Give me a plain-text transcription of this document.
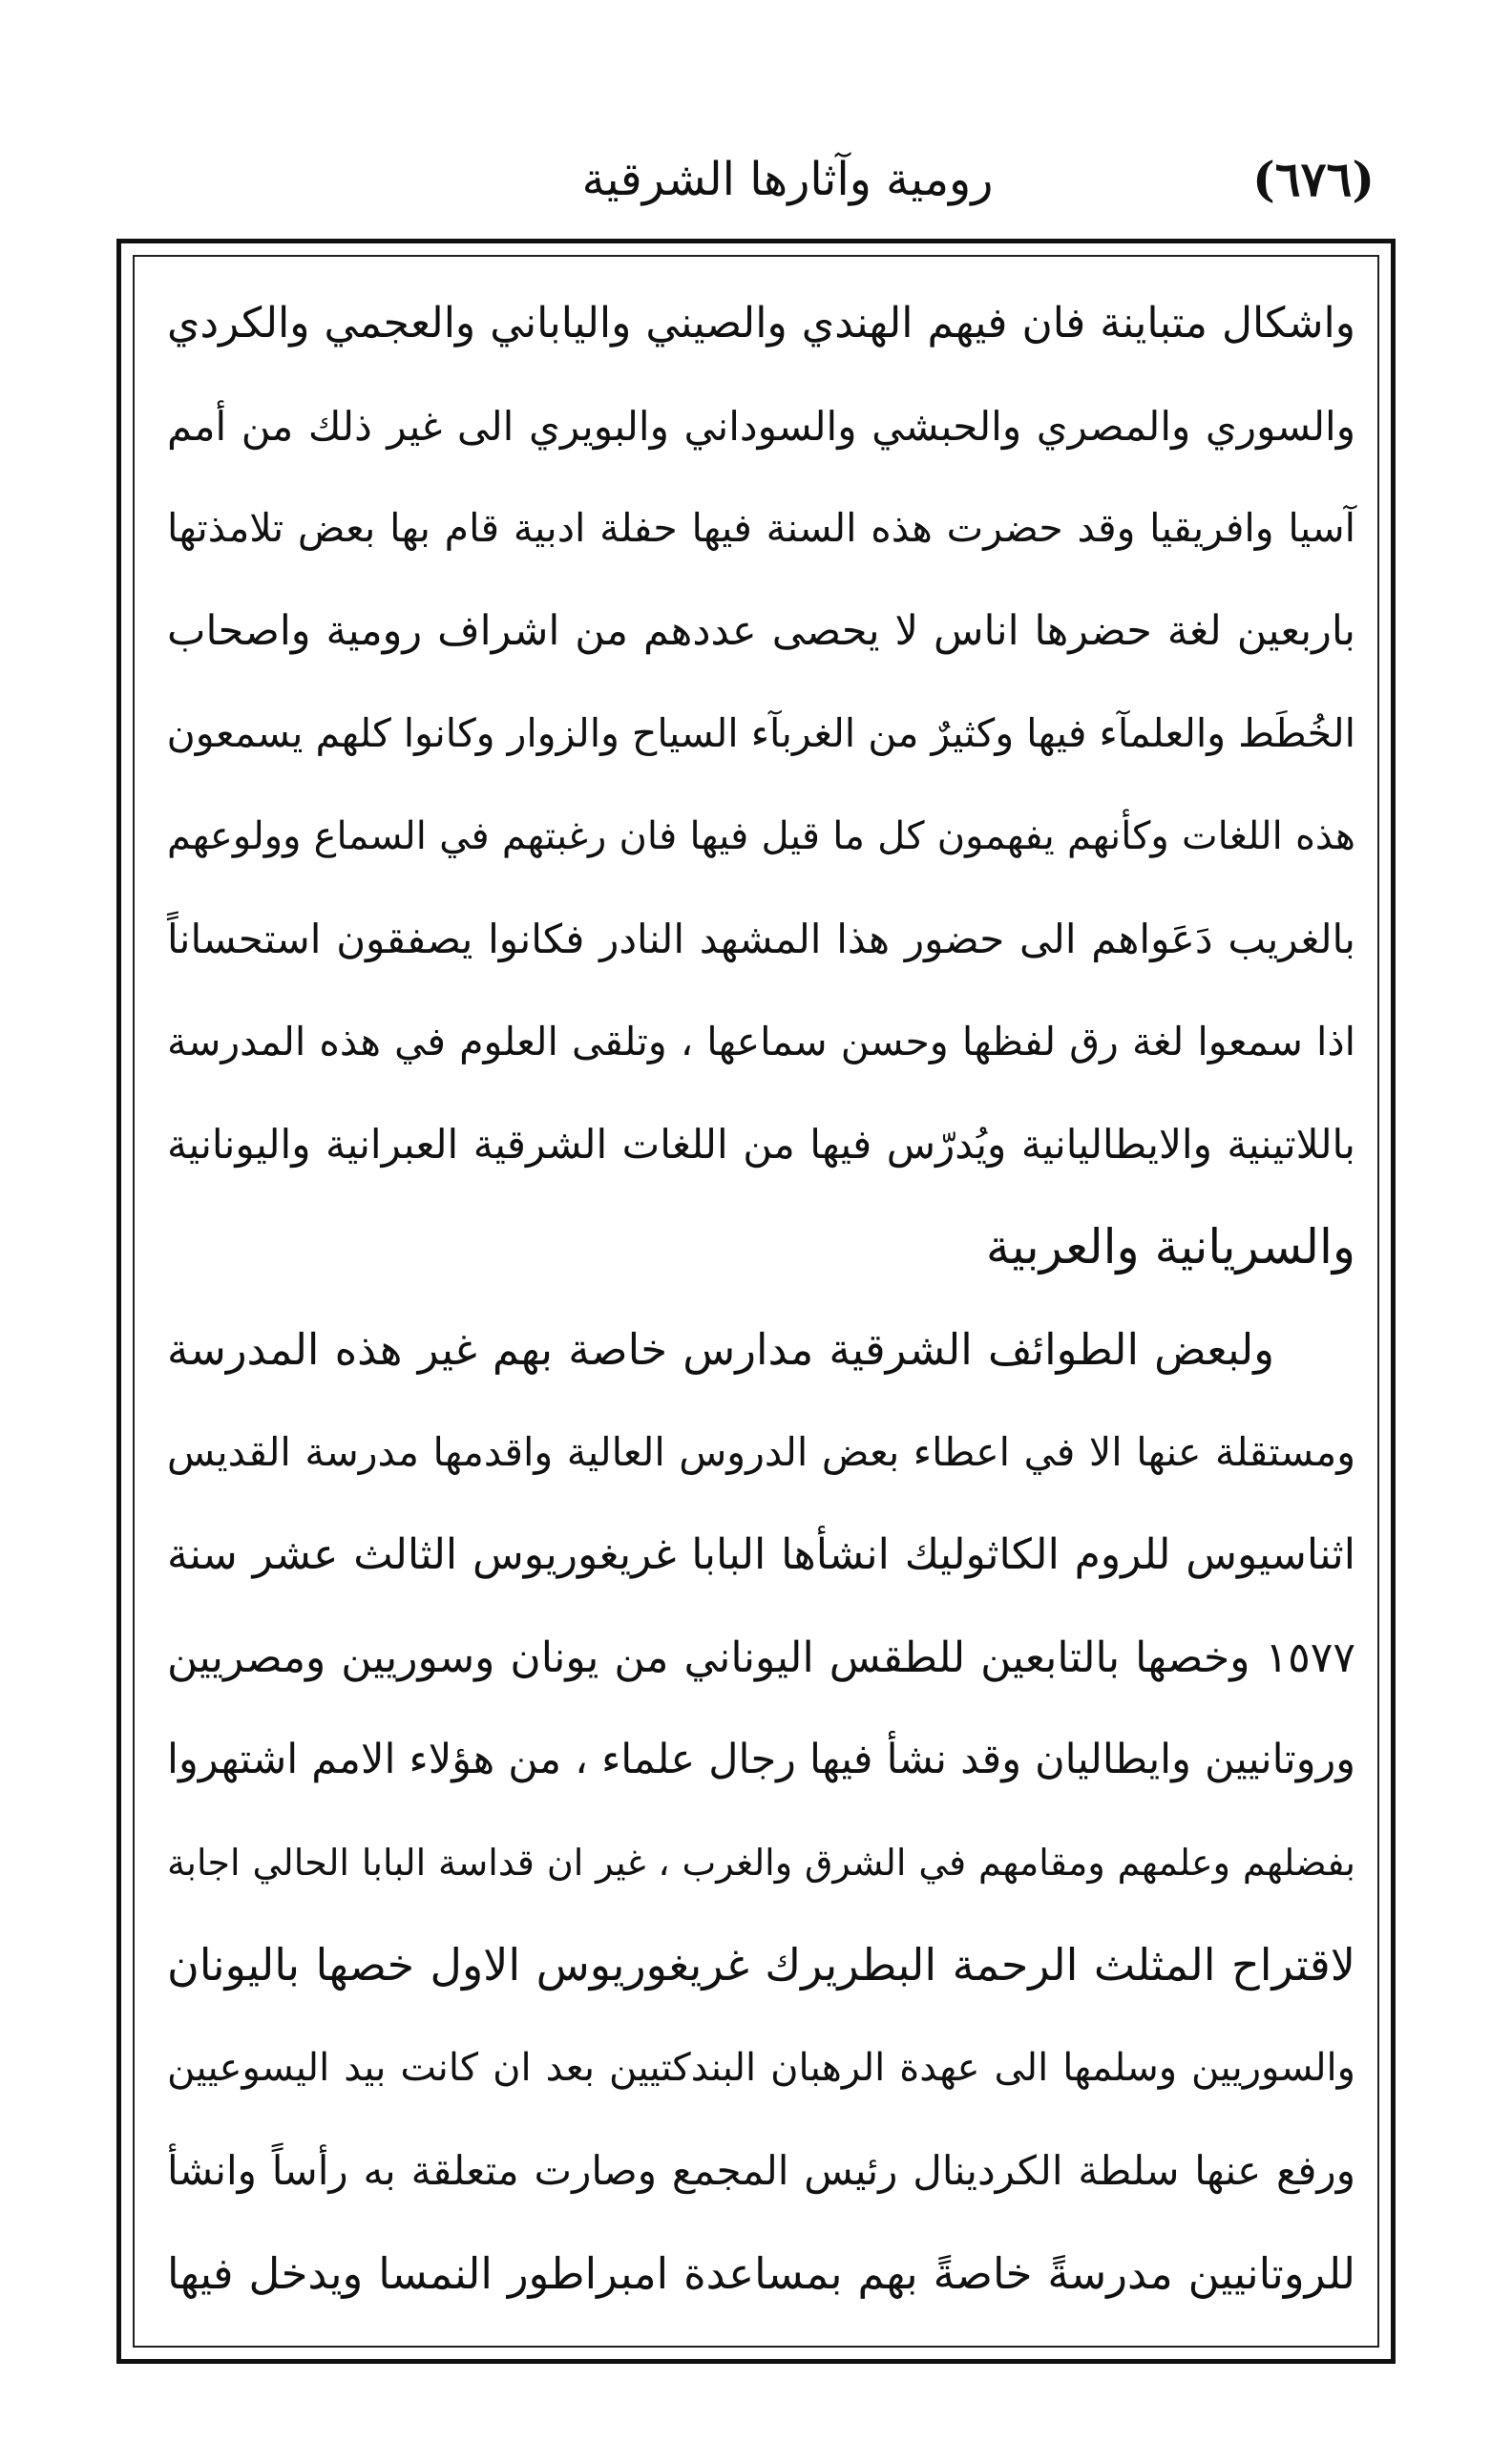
(٦٧٦)
رومية وآثارها الشرقية
واشكال متباينة فان فيهم الهندي والصيني والياباني والعجمي والكردي
والسوري والمصري والحبشي والسوداني والبويري الى غير ذلك من أمم
آسيا وافريقيا وقد حضرت هذه السنة فيها حفلة ادبية قام بها بعض تلامذتها
باربعين لغة حضرها اناس لا يحصى عددهم من اشراف رومية واصحاب
الخُطَط والعلمآء فيها وكثيرٌ من الغربآء السياح والزوار وكانوا كلهم يسمعون
هذه اللغات وكأنهم يفهمون كل ما قيل فيها فان رغبتهم في السماع وولوعهم
بالغريب دَعَواهم الى حضور هذا المشهد النادر فكانوا يصفقون استحساناً
اذا سمعوا لغة رق لفظها وحسن سماعها ، وتلقى العلوم في هذه المدرسة
باللاتينية والايطاليانية ويُدرّس فيها من اللغات الشرقية العبرانية واليونانية
والسريانية والعربية
ولبعض الطوائف الشرقية مدارس خاصة بهم غير هذه المدرسة
ومستقلة عنها الا في اعطاء بعض الدروس العالية واقدمها مدرسة القديس
اثناسيوس للروم الكاثوليك انشأها البابا غريغوريوس الثالث عشر سنة
١٥٧٧ وخصها بالتابعين للطقس اليوناني من يونان وسوريين ومصريين
وروتانيين وايطاليان وقد نشأ فيها رجال علماء ، من هؤلاء الامم اشتهروا
بفضلهم وعلمهم ومقامهم في الشرق والغرب ، غير ان قداسة البابا الحالي اجابة
لاقتراح المثلث الرحمة البطريرك غريغوريوس الاول خصها باليونان
والسوريين وسلمها الى عهدة الرهبان البندكتيين بعد ان كانت بيد اليسوعيين
ورفع عنها سلطة الكردينال رئيس المجمع وصارت متعلقة به رأساً وانشأ
للروتانيين مدرسةً خاصةً بهم بمساعدة امبراطور النمسا ويدخل فيها
